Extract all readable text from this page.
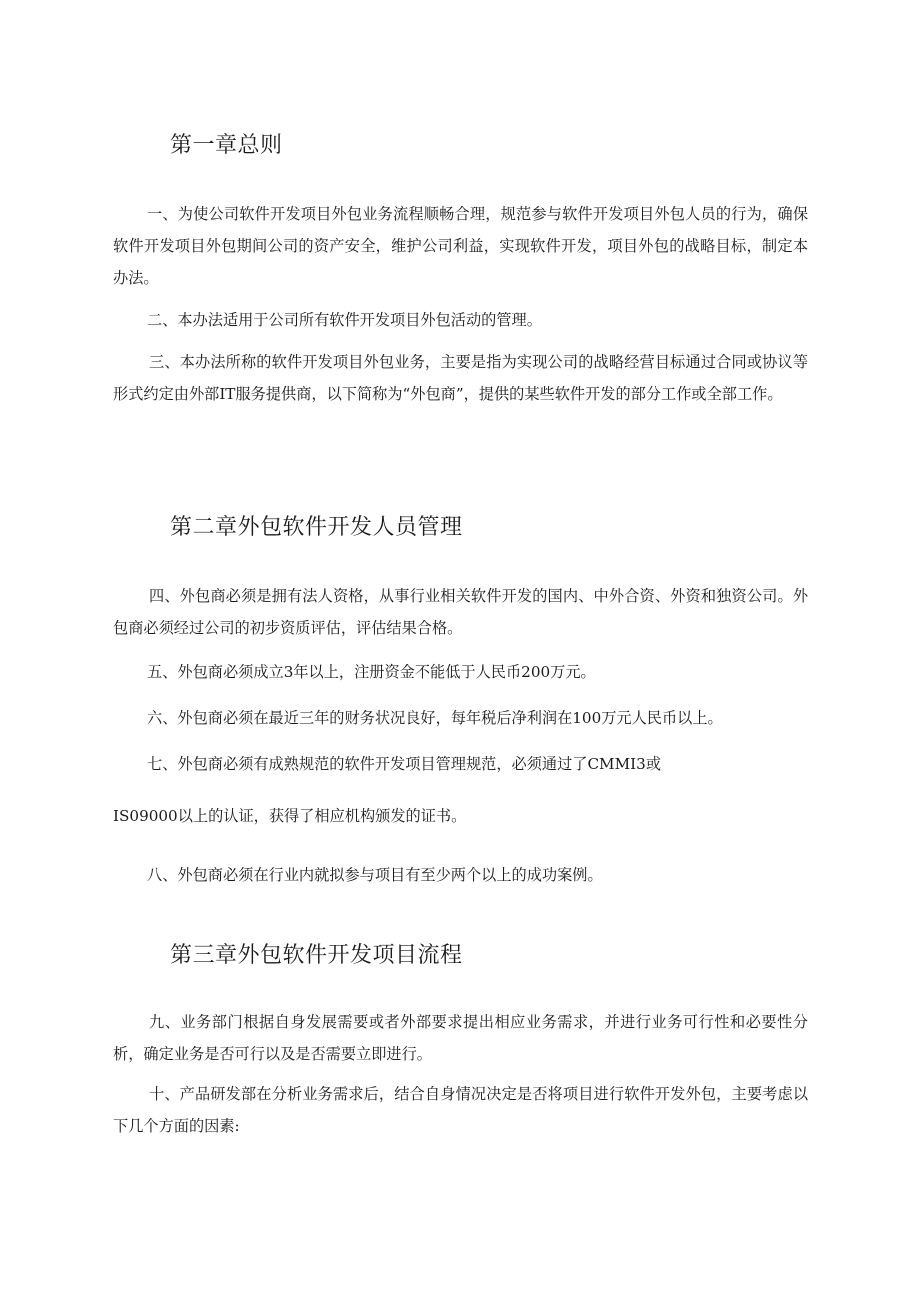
第一章总则

一、为使公司软件开发项目外包业务流程顺畅合理，规范参与软件开发项目外包人员的行为，确保软件开发项目外包期间公司的资产安全，维护公司利益，实现软件开发，项目外包的战略目标，制定本办法。

二、本办法适用于公司所有软件开发项目外包活动的管理。

三、本办法所称的软件开发项目外包业务，主要是指为实现公司的战略经营目标通过合同或协议等形式约定由外部IT服务提供商，以下简称为“外包商”，提供的某些软件开发的部分工作或全部工作。

第二章外包软件开发人员管理

四、外包商必须是拥有法人资格，从事行业相关软件开发的国内、中外合资、外资和独资公司。外包商必须经过公司的初步资质评估，评估结果合格。

五、外包商必须成立3年以上，注册资金不能低于人民币200万元。

六、外包商必须在最近三年的财务状况良好，每年税后净利润在100万元人民币以上。

七、外包商必须有成熟规范的软件开发项目管理规范，必须通过了CMMI3或

IS09000以上的认证，获得了相应机构颁发的证书。

八、外包商必须在行业内就拟参与项目有至少两个以上的成功案例。

第三章外包软件开发项目流程

九、业务部门根据自身发展需要或者外部要求提出相应业务需求，并进行业务可行性和必要性分析，确定业务是否可行以及是否需要立即进行。

十、产品研发部在分析业务需求后，结合自身情况决定是否将项目进行软件开发外包，主要考虑以下几个方面的因素:
